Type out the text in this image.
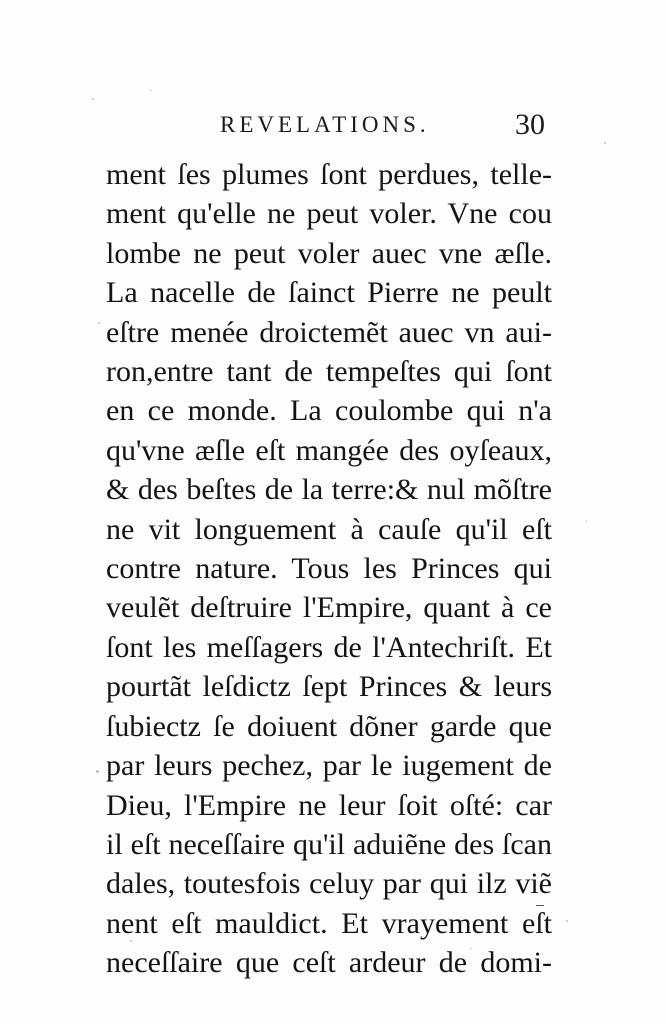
REVELATIONS.	30
ment ſes plumes ſont perdues, telle-
ment qu'elle ne peut voler. Vne cou
lombe ne peut voler auec vne æſle.
La nacelle de ſainct Pierre ne peult
eſtre menée droictemẽt auec vn aui-
ron,entre tant de tempeſtes qui ſont
en ce monde. La coulombe qui n'a
qu'vne æſle eſt mangée des oyſeaux,
& des beſtes de la terre:& nul mõſtre
ne vit longuement à cauſe qu'il eſt
contre nature. Tous les Princes qui
veulẽt deſtruire l'Empire, quant à ce
ſont les meſſagers de l'Antechriſt. Et
pourtãt leſdictz ſept Princes & leurs
ſubiectz ſe doiuent dõner garde que
par leurs pechez, par le iugement de
Dieu, l'Empire ne leur ſoit oſté: car
il eſt neceſſaire qu'il aduiẽne des ſcan
dales, toutesfois celuy par qui ilz viẽ
nent eſt mauldict. Et vrayement eſt
neceſſaire que ceſt ardeur de domi-
